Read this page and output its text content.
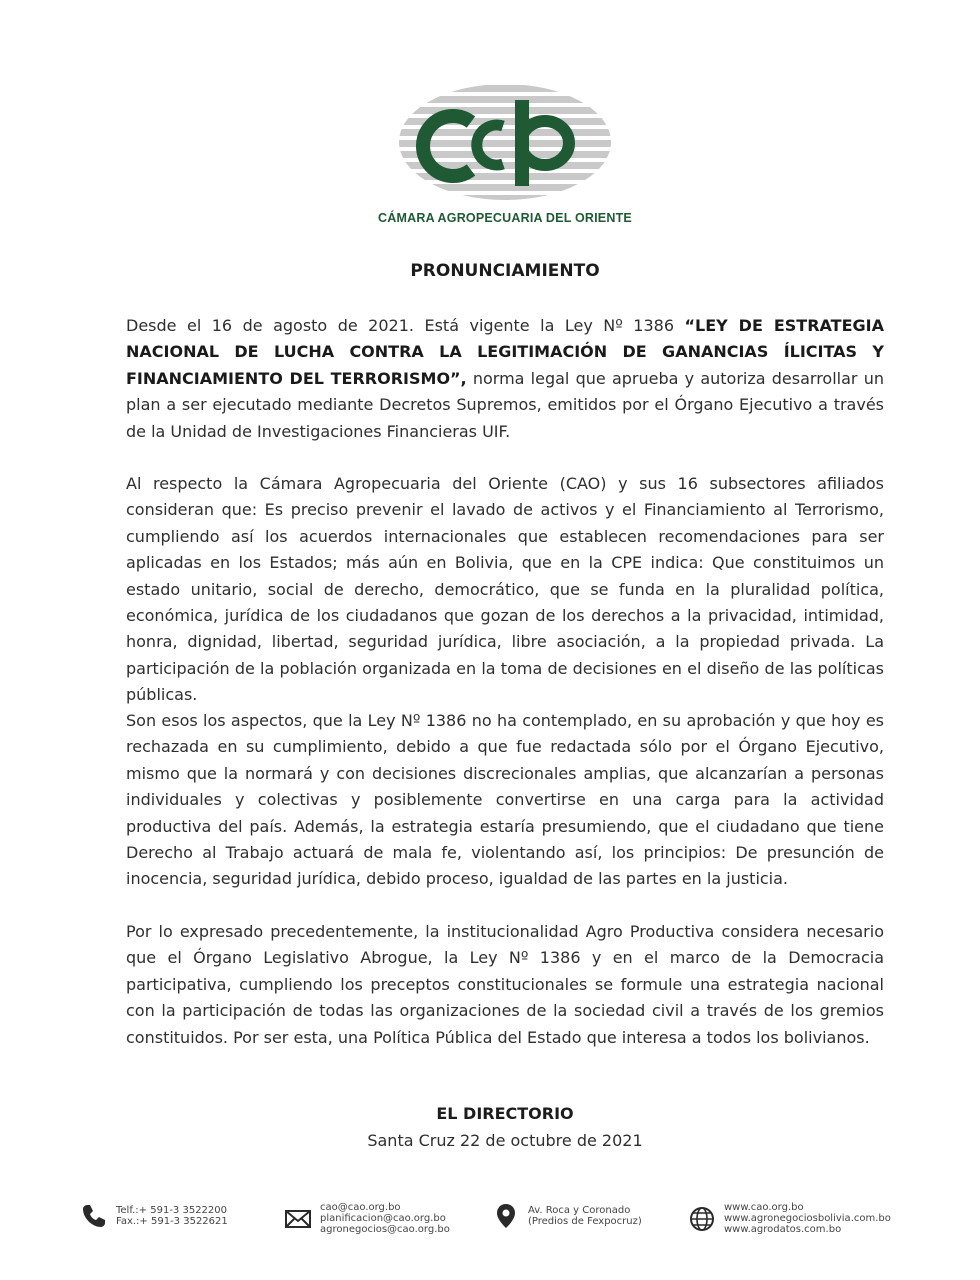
CÁMARA AGROPECUARIA DEL ORIENTE
PRONUNCIAMIENTO
Desde el 16 de agosto de 2021. Está vigente la Ley Nº 1386 “LEY DE ESTRATEGIA NACIONAL DE LUCHA CONTRA LA LEGITIMACIÓN DE GANANCIAS ÍLICITAS Y FINANCIAMIENTO DEL TERRORISMO”, norma legal que aprueba y autoriza desarrollar un plan a ser ejecutado mediante Decretos Supremos, emitidos por el Órgano Ejecutivo a través de la Unidad de Investigaciones Financieras UIF.
Al respecto la Cámara Agropecuaria del Oriente (CAO) y sus 16 subsectores afiliados consideran que: Es preciso prevenir el lavado de activos y el Financiamiento al Terrorismo, cumpliendo así los acuerdos internacionales que establecen recomendaciones para ser aplicadas en los Estados; más aún en Bolivia, que en la CPE indica: Que constituimos un estado unitario, social de derecho, democrático, que se funda en la pluralidad política, económica, jurídica de los ciudadanos que gozan de los derechos a la privacidad, intimidad, honra, dignidad, libertad, seguridad jurídica, libre asociación, a la propiedad privada. La participación de la población organizada en la toma de decisiones en el diseño de las políticas públicas.
Son esos los aspectos, que la Ley Nº 1386 no ha contemplado, en su aprobación y que hoy es rechazada en su cumplimiento, debido a que fue redactada sólo por el Órgano Ejecutivo, mismo que la normará y con decisiones discrecionales amplias, que alcanzarían a personas individuales y colectivas y posiblemente convertirse en una carga para la actividad productiva del país. Además, la estrategia estaría presumiendo, que el ciudadano que tiene Derecho al Trabajo actuará de mala fe, violentando así, los principios: De presunción de inocencia, seguridad jurídica, debido proceso, igualdad de las partes en la justicia.
Por lo expresado precedentemente, la institucionalidad Agro Productiva considera necesario que el Órgano Legislativo Abrogue, la Ley Nº 1386 y en el marco de la Democracia participativa, cumpliendo los preceptos constitucionales se formule una estrategia nacional con la participación de todas las organizaciones de la sociedad civil a través de los gremios constituidos. Por ser esta, una Política Pública del Estado que interesa a todos los bolivianos.
EL DIRECTORIO
Santa Cruz 22 de octubre de 2021
Telf.:+ 591-3 3522200
Fax.:+ 591-3 3522621
cao@cao.org.bo
planificacion@cao.org.bo
agronegocios@cao.org.bo
Av. Roca y Coronado
(Predios de Fexpocruz)
www.cao.org.bo
www.agronegociosbolivia.com.bo
www.agrodatos.com.bo
